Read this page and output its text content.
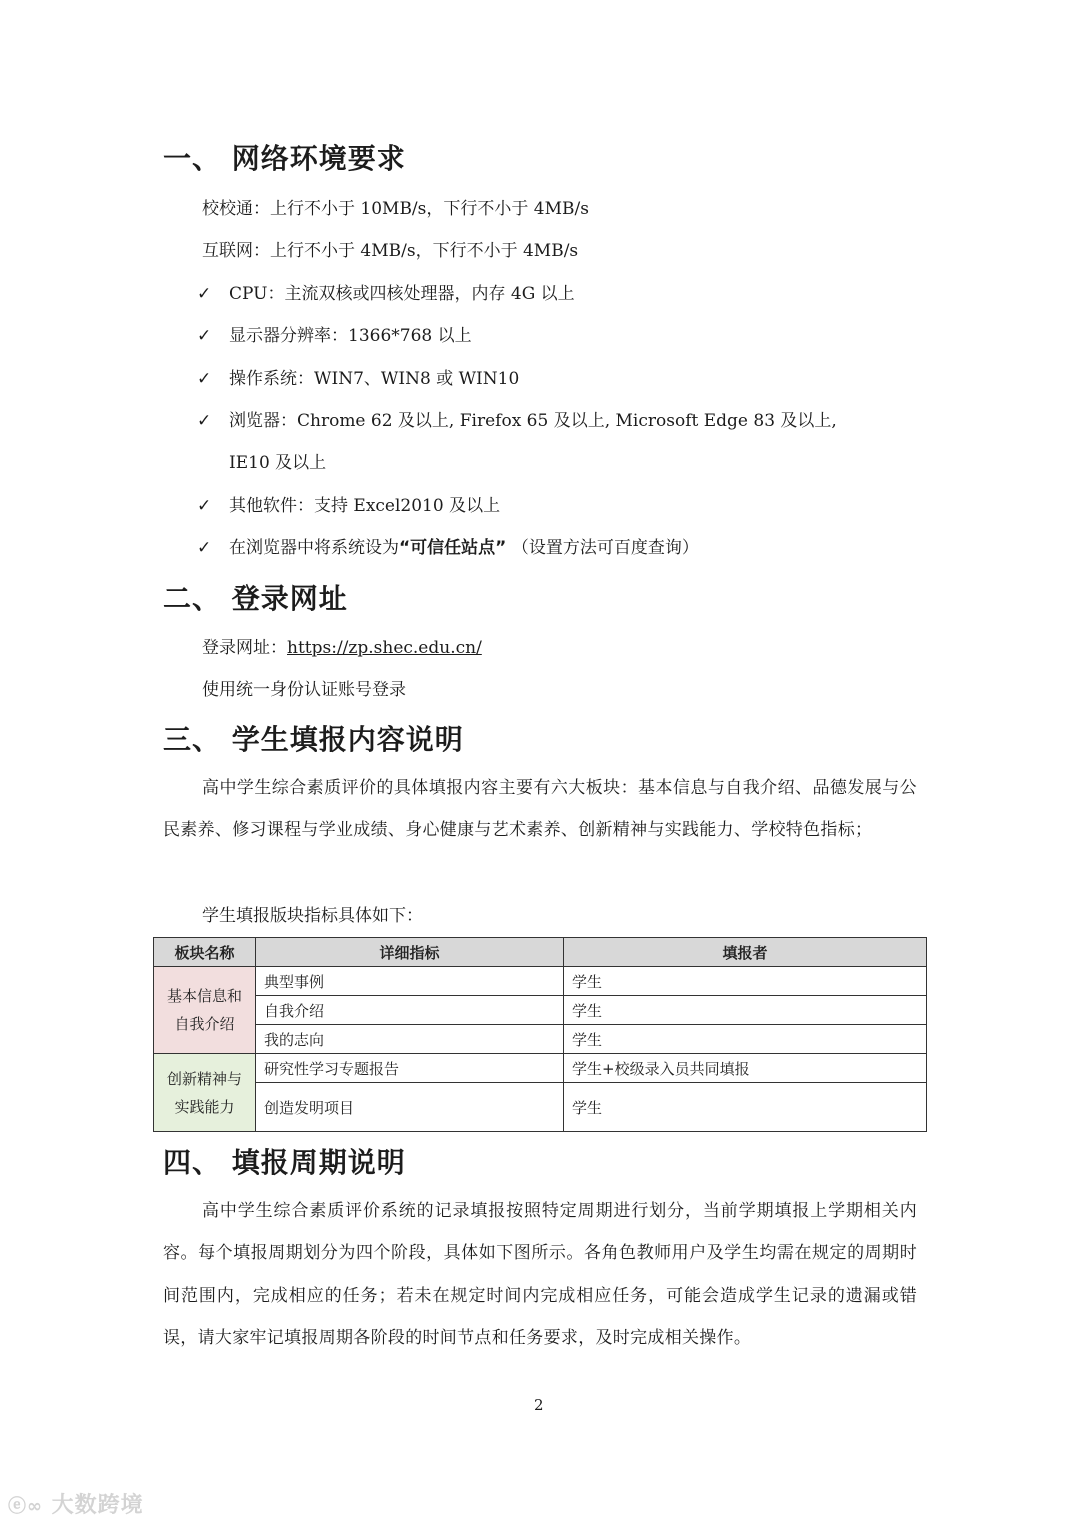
一、 网络环境要求
校校通：上行不小于 10MB/s，下行不小于 4MB/s
互联网：上行不小于 4MB/s，下行不小于 4MB/s
✓ CPU：主流双核或四核处理器，内存 4G 以上
✓ 显示器分辨率：1366*768 以上
✓ 操作系统：WIN7、WIN8 或 WIN10
✓ 浏览器：Chrome 62 及以上, Firefox 65 及以上, Microsoft Edge 83 及以上,
IE10 及以上
✓ 其他软件：支持 Excel2010 及以上
✓ 在浏览器中将系统设为“可信任站点” （设置方法可百度查询）
二、 登录网址
登录网址：https://zp.shec.edu.cn/
使用统一身份认证账号登录
三、 学生填报内容说明
高中学生综合素质评价的具体填报内容主要有六大板块：基本信息与自我介绍、品德发展与公民素养、修习课程与学业成绩、身心健康与艺术素养、创新精神与实践能力、学校特色指标；
学生填报版块指标具体如下：
板块名称	详细指标	填报者
基本信息和
自我介绍	典型事例	学生
	自我介绍	学生
	我的志向	学生
创新精神与
实践能力	研究性学习专题报告	学生+校级录入员共同填报
	创造发明项目	学生
四、 填报周期说明
高中学生综合素质评价系统的记录填报按照特定周期进行划分，当前学期填报上学期相关内容。每个填报周期划分为四个阶段，具体如下图所示。各角色教师用户及学生均需在规定的周期时间范围内，完成相应的任务；若未在规定时间内完成相应任务，可能会造成学生记录的遗漏或错误，请大家牢记填报周期各阶段的时间节点和任务要求，及时完成相关操作。
2
ⓔ∞ 大数跨境
